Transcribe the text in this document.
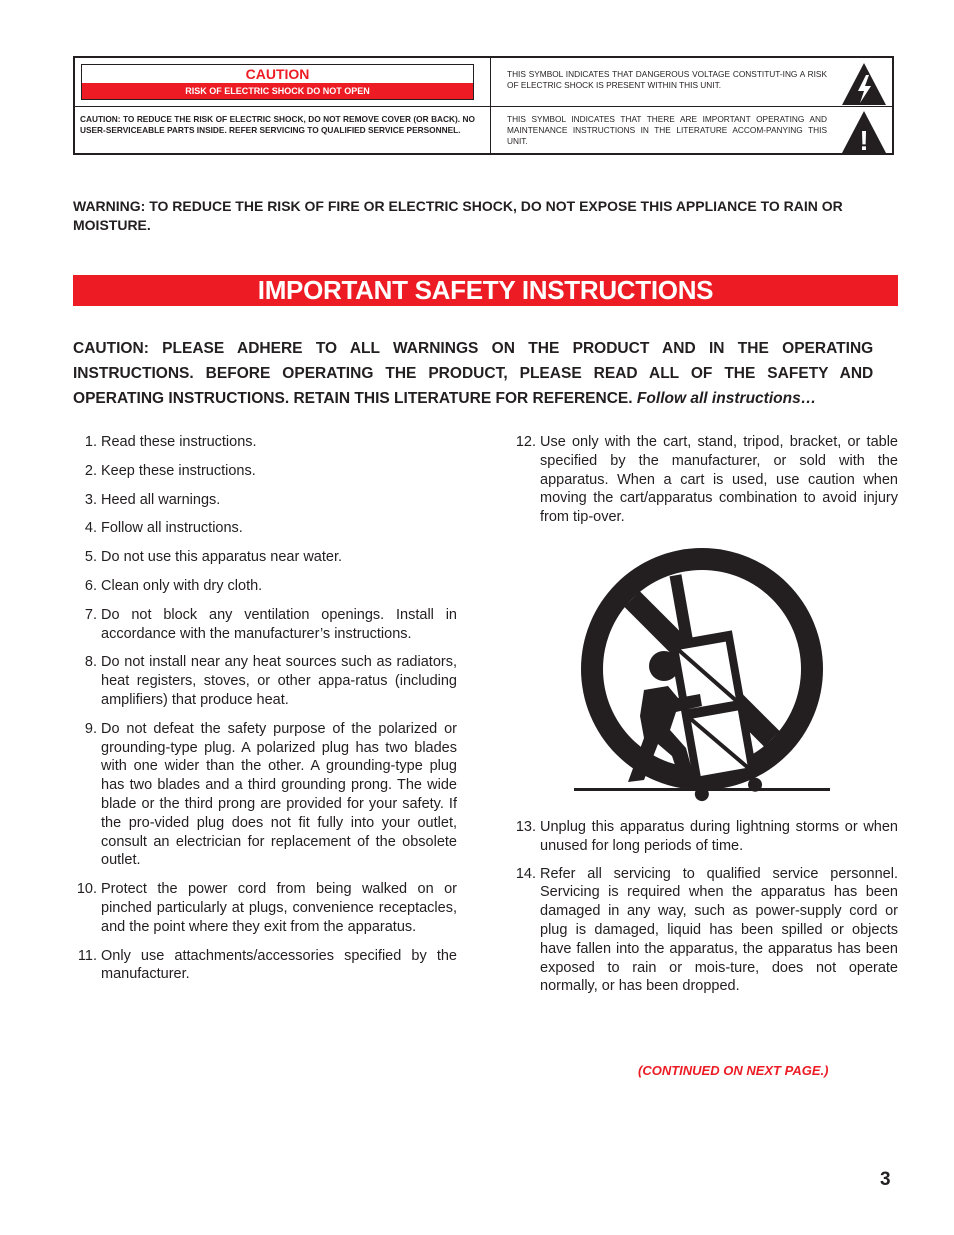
CAUTION
RISK OF ELECTRIC SHOCK DO NOT OPEN
CAUTION: TO REDUCE THE RISK OF ELECTRIC SHOCK, DO NOT REMOVE COVER (OR BACK). NO USER-SERVICEABLE PARTS INSIDE. REFER SERVICING TO QUALIFIED SERVICE PERSONNEL.
THIS SYMBOL INDICATES THAT DANGEROUS VOLTAGE CONSTITUT-ING A RISK OF ELECTRIC SHOCK IS PRESENT WITHIN THIS UNIT.
THIS SYMBOL INDICATES THAT THERE ARE IMPORTANT OPERATING AND MAINTENANCE INSTRUCTIONS IN THE LITERATURE ACCOM-PANYING THIS UNIT.	!
WARNING: TO REDUCE THE RISK OF FIRE OR ELECTRIC SHOCK, DO NOT EXPOSE THIS APPLIANCE TO RAIN OR MOISTURE.
IMPORTANT SAFETY INSTRUCTIONS
CAUTION: PLEASE ADHERE TO ALL WARNINGS ON THE PRODUCT AND IN THE OPERATING INSTRUCTIONS. BEFORE OPERATING THE PRODUCT, PLEASE READ ALL OF THE SAFETY AND OPERATING INSTRUCTIONS. RETAIN THIS LITERATURE FOR REFERENCE. Follow all instructions…
1. Read these instructions.
2. Keep these instructions.
3. Heed all warnings.
4. Follow all instructions.
5. Do not use this apparatus near water.
6. Clean only with dry cloth.
7. Do not block any ventilation openings. Install in accordance with the manufacturer’s instructions.
8. Do not install near any heat sources such as radiators, heat registers, stoves, or other appa-ratus (including amplifiers) that produce heat.
9. Do not defeat the safety purpose of the polarized or grounding-type plug. A polarized plug has two blades with one wider than the other. A grounding-type plug has two blades and a third grounding prong. The wide blade or the third prong are provided for your safety. If the pro-vided plug does not fit fully into your outlet, consult an electrician for replacement of the obsolete outlet.
10. Protect the power cord from being walked on or pinched particularly at plugs, convenience receptacles, and the point where they exit from the apparatus.
11. Only use attachments/accessories specified by the manufacturer.
12. Use only with the cart, stand, tripod, bracket, or table specified by the manufacturer, or sold with the apparatus. When a cart is used, use caution when moving the cart/apparatus combination to avoid injury from tip-over.
13. Unplug this apparatus during lightning storms or when unused for long periods of time.
14. Refer all servicing to qualified service personnel. Servicing is required when the apparatus has been damaged in any way, such as power-supply cord or plug is damaged, liquid has been spilled or objects have fallen into the apparatus, the apparatus has been exposed to rain or mois-ture, does not operate normally, or has been dropped.
(CONTINUED ON NEXT PAGE.)
3
